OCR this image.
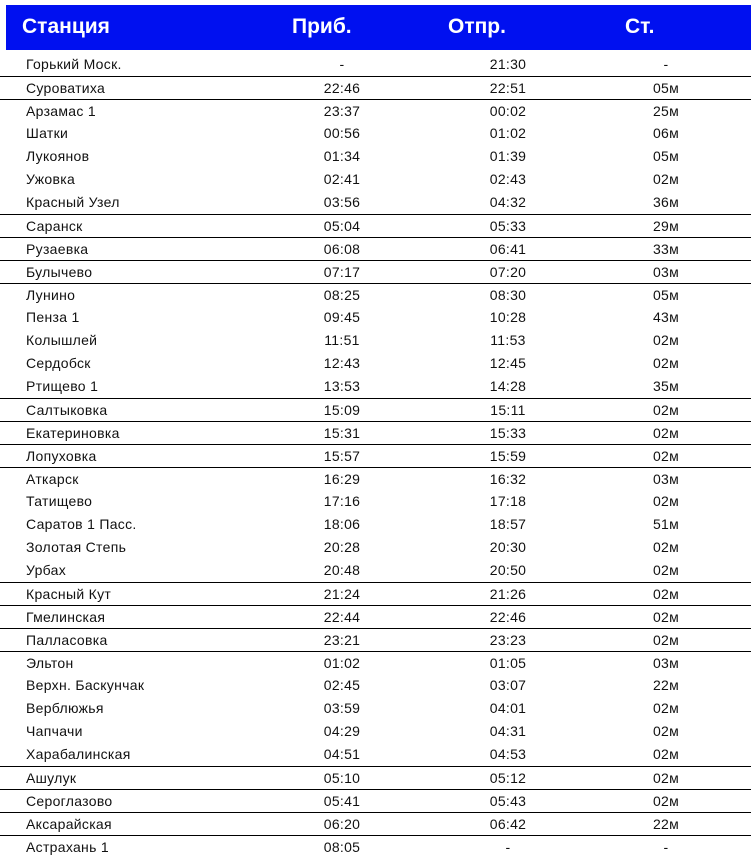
Станция	Приб.	Отпр.	Ст.
Горький Моск.	-	21:30	-
Суроватиха	22:46	22:51	05м
Арзамас 1	23:37	00:02	25м
Шатки	00:56	01:02	06м
Лукоянов	01:34	01:39	05м
Ужовка	02:41	02:43	02м
Красный Узел	03:56	04:32	36м
Саранск	05:04	05:33	29м
Рузаевка	06:08	06:41	33м
Булычево	07:17	07:20	03м
Лунино	08:25	08:30	05м
Пенза 1	09:45	10:28	43м
Колышлей	11:51	11:53	02м
Сердобск	12:43	12:45	02м
Ртищево 1	13:53	14:28	35м
Салтыковка	15:09	15:11	02м
Екатериновка	15:31	15:33	02м
Лопуховка	15:57	15:59	02м
Аткарск	16:29	16:32	03м
Татищево	17:16	17:18	02м
Саратов 1 Пасс.	18:06	18:57	51м
Золотая Степь	20:28	20:30	02м
Урбах	20:48	20:50	02м
Красный Кут	21:24	21:26	02м
Гмелинская	22:44	22:46	02м
Палласовка	23:21	23:23	02м
Эльтон	01:02	01:05	03м
Верхн. Баскунчак	02:45	03:07	22м
Верблюжья	03:59	04:01	02м
Чапчачи	04:29	04:31	02м
Харабалинская	04:51	04:53	02м
Ашулук	05:10	05:12	02м
Сероглазово	05:41	05:43	02м
Аксарайская	06:20	06:42	22м
Астрахань 1	08:05	-	-
